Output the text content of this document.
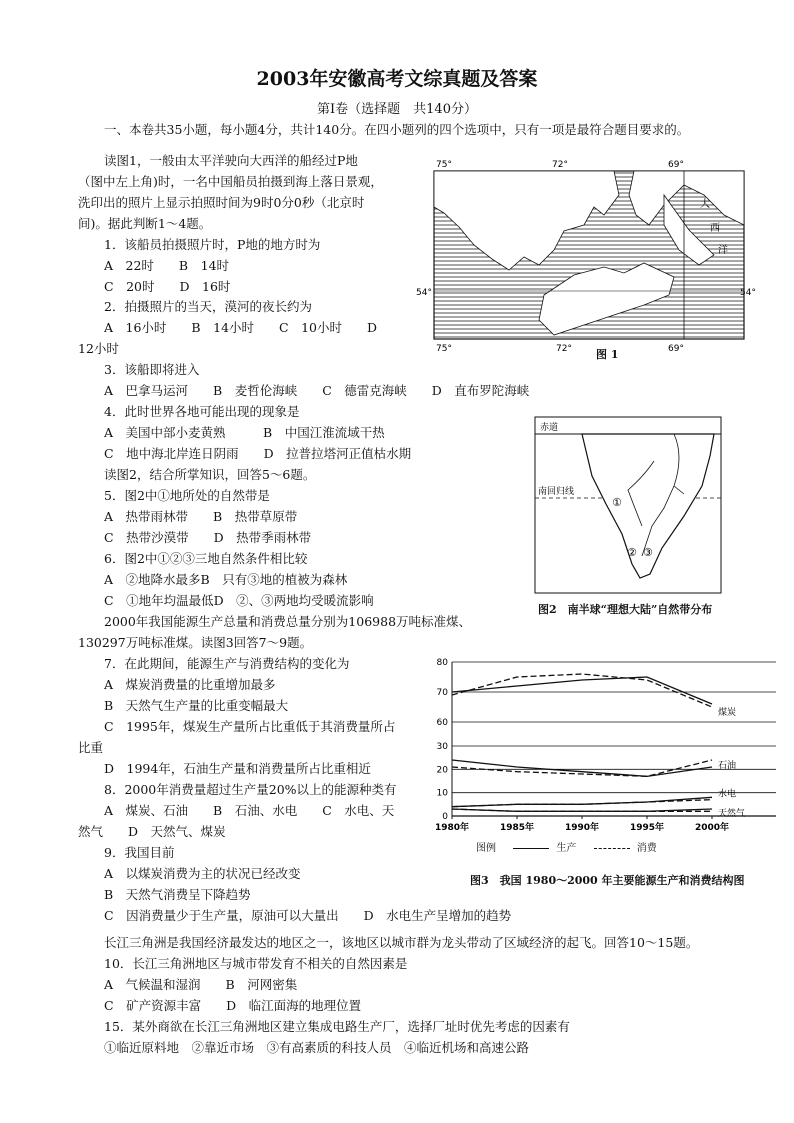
2003年安徽高考文综真题及答案
第Ⅰ卷（选择题　共140分）
一、本卷共35小题，每小题4分，共计140分。在四小题列的四个选项中，只有一项是最符合题目要求的。
读图1，一般由太平洋驶向大西洋的船经过P地
（图中左上角)时，一名中国船员拍摄到海上落日景观，
洗印出的照片上显示拍照时间为9时0分0秒（北京时
间)。据此判断1～4题。
1．该船员拍摄照片时，P地的地方时为
A　22时　　B　14时
C　20时　　D　16时
2．拍摄照片的当天，漠河的夜长约为
A　16小时　　B　14小时　　C　10小时　　D
12小时
3．该船即将进入
A　巴拿马运河　　B　麦哲伦海峡　　C　德雷克海峡　　D　直布罗陀海峡
4．此时世界各地可能出现的现象是
A　美国中部小麦黄熟　　　B　中国江淮流域干热
C　地中海北岸连日阴雨　　D　拉普拉塔河正值枯水期
读图2，结合所掌知识，回答5～6题。
5．图2中①地所处的自然带是
A　热带雨林带　　B　热带草原带
C　热带沙漠带　　D　热带季雨林带
6．图2中①②③三地自然条件相比较
A　②地降水最多B　只有③地的植被为森林
C　①地年均温最低D　②、③两地均受暖流影响
2000年我国能源生产总量和消费总量分别为106988万吨标准煤、
130297万吨标准煤。读图3回答7～9题。
7．在此期间，能源生产与消费结构的变化为
A　煤炭消费量的比重增加最多
B　天然气生产量的比重变幅最大
C　1995年，煤炭生产量所占比重低于其消费量所占
比重
D　1994年，石油生产量和消费量所占比重相近
8．2000年消费量超过生产量20%以上的能源种类有
A　煤炭、石油　　B　石油、水电　　C　水电、天
然气　　D　天然气、煤炭
9．我国目前
A　以煤炭消费为主的状况已经改变
B　天然气消费呈下降趋势
C　因消费量少于生产量，原油可以大量出　　D　水电生产呈增加的趋势
长江三角洲是我国经济最发达的地区之一，该地区以城市群为龙头带动了区域经济的起飞。回答10～15题。
10．长江三角洲地区与城市带发育不相关的自然因素是
A　气候温和湿润　　B　河网密集
C　矿产资源丰富　　D　临江面海的地理位置
15．某外商欲在长江三角洲地区建立集成电路生产厂，选择厂址时优先考虑的因素有
①临近原料地　②靠近市场　③有高素质的科技人员　④临近机场和高速公路
75°	72°	69°
75°	72°	69°
54°	54°
大
西
洋
图 1
赤道
南回归线
①
② ③
图2　南半球“理想大陆”自然带分布
0
10
20
30
60
70
80
1980年	1985年	1990年	1995年	2000年
煤炭
石油
水电
天然气
图例	生产	消费
图3　我国 1980～2000 年主要能源生产和消费结构图
